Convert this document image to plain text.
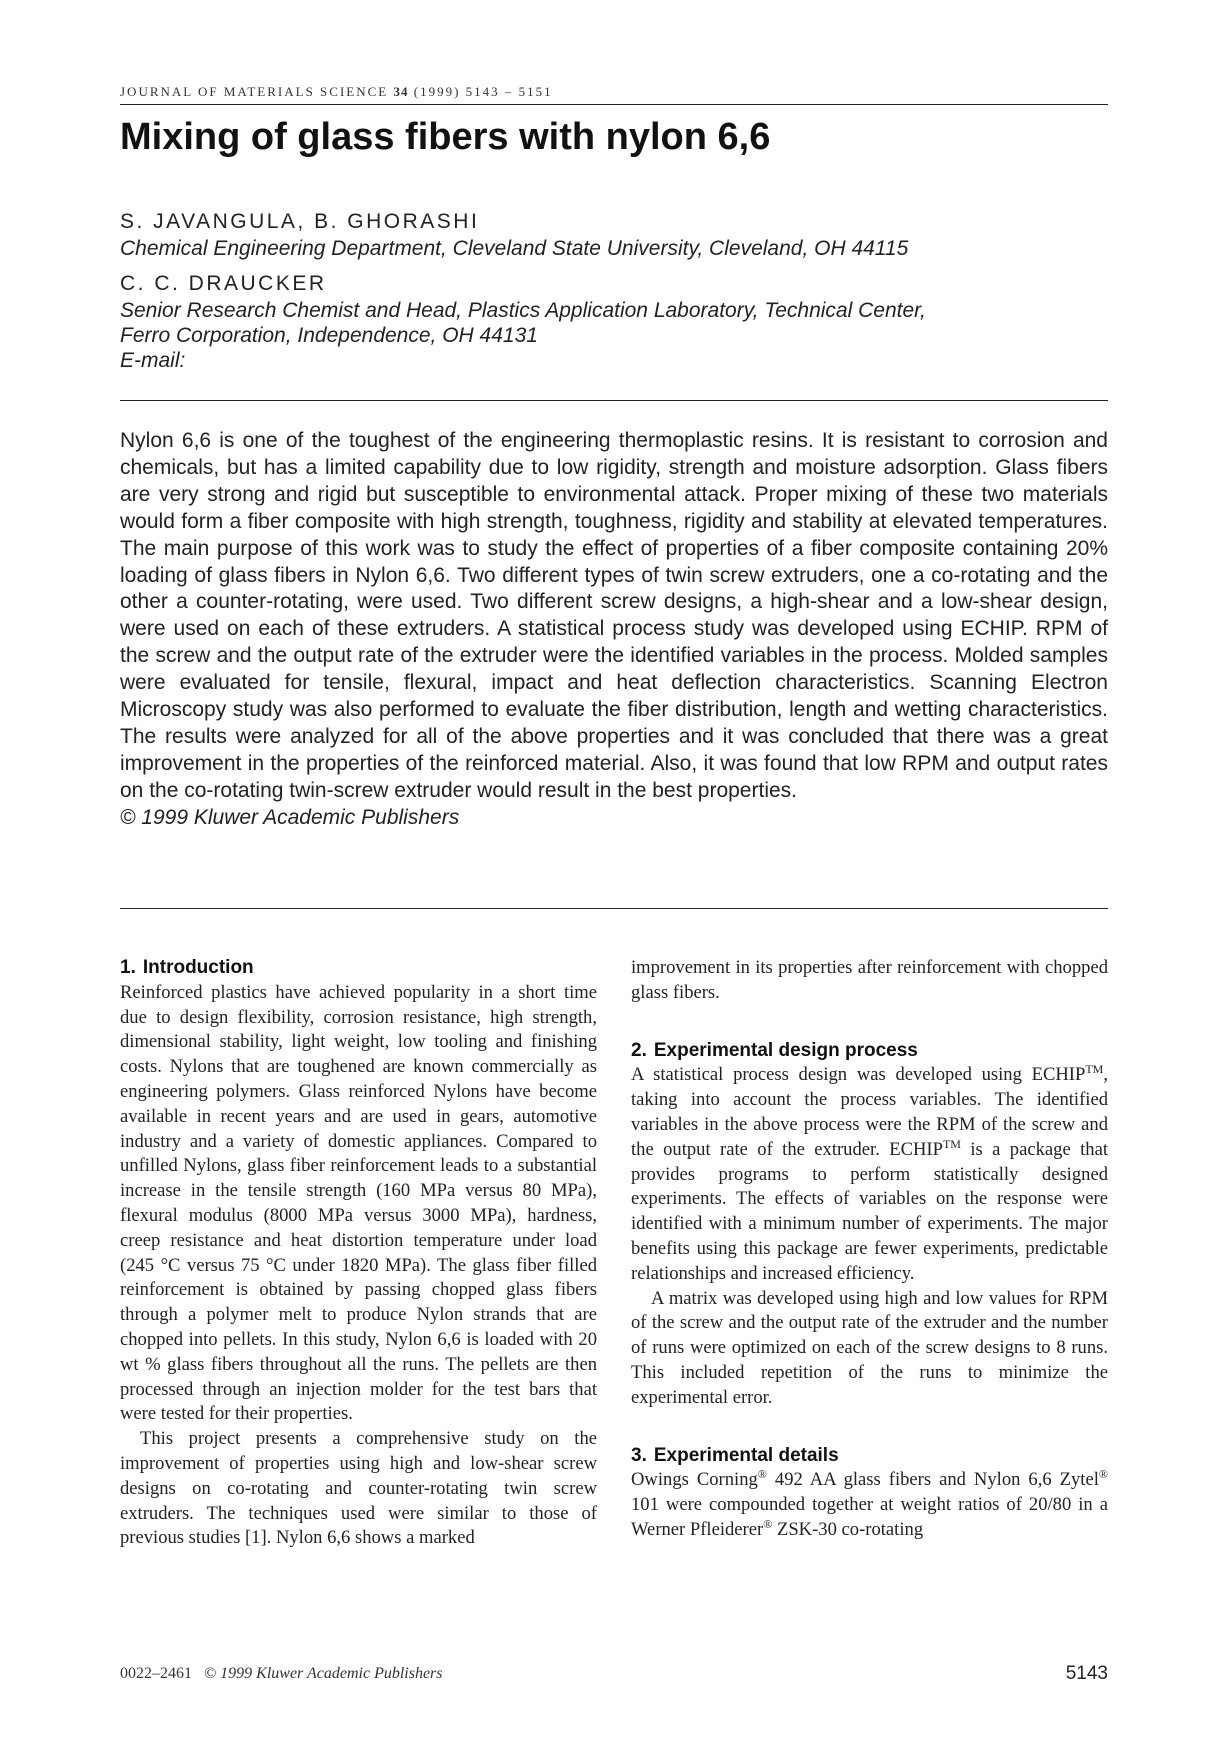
JOURNAL OF MATERIALS SCIENCE 34 (1999) 5143 – 5151
Mixing of glass fibers with nylon 6,6
S. JAVANGULA, B. GHORASHI
Chemical Engineering Department, Cleveland State University, Cleveland, OH 44115
C. C. DRAUCKER
Senior Research Chemist and Head, Plastics Application Laboratory, Technical Center,
Ferro Corporation, Independence, OH 44131
E-mail:

Nylon 6,6 is one of the toughest of the engineering thermoplastic resins. It is resistant to corrosion and chemicals, but has a limited capability due to low rigidity, strength and moisture adsorption. Glass fibers are very strong and rigid but susceptible to environmental attack. Proper mixing of these two materials would form a fiber composite with high strength, toughness, rigidity and stability at elevated temperatures. The main purpose of this work was to study the effect of properties of a fiber composite containing 20% loading of glass fibers in Nylon 6,6. Two different types of twin screw extruders, one a co-rotating and the other a counter-rotating, were used. Two different screw designs, a high-shear and a low-shear design, were used on each of these extruders. A statistical process study was developed using ECHIP. RPM of the screw and the output rate of the extruder were the identified variables in the process. Molded samples were evaluated for tensile, flexural, impact and heat deflection characteristics. Scanning Electron Microscopy study was also performed to evaluate the fiber distribution, length and wetting characteristics. The results were analyzed for all of the above properties and it was concluded that there was a great improvement in the properties of the reinforced material. Also, it was found that low RPM and output rates on the co-rotating twin-screw extruder would result in the best properties.
© 1999 Kluwer Academic Publishers

1. Introduction

Reinforced plastics have achieved popularity in a short time due to design flexibility, corrosion resistance, high strength, dimensional stability, light weight, low tooling and finishing costs. Nylons that are toughened are known commercially as engineering polymers. Glass reinforced Nylons have become available in recent years and are used in gears, automotive industry and a variety of domestic appliances. Compared to unfilled Nylons, glass fiber reinforcement leads to a substantial increase in the tensile strength (160 MPa versus 80 MPa), flexural modulus (8000 MPa versus 3000 MPa), hardness, creep resistance and heat distortion temperature under load (245 °C versus 75 °C under 1820 MPa). The glass fiber filled reinforcement is obtained by passing chopped glass fibers through a polymer melt to produce Nylon strands that are chopped into pellets. In this study, Nylon 6,6 is loaded with 20 wt % glass fibers throughout all the runs. The pellets are then processed through an injection molder for the test bars that were tested for their properties.

This project presents a comprehensive study on the improvement of properties using high and low-shear screw designs on co-rotating and counter-rotating twin screw extruders. The techniques used were similar to those of previous studies [1]. Nylon 6,6 shows a marked

improvement in its properties after reinforcement with chopped glass fibers.

2. Experimental design process

A statistical process design was developed using ECHIP™, taking into account the process variables. The identified variables in the above process were the RPM of the screw and the output rate of the extruder. ECHIP™ is a package that provides programs to perform statistically designed experiments. The effects of variables on the response were identified with a minimum number of experiments. The major benefits using this package are fewer experiments, predictable relationships and increased efficiency.

A matrix was developed using high and low values for RPM of the screw and the output rate of the extruder and the number of runs were optimized on each of the screw designs to 8 runs. This included repetition of the runs to minimize the experimental error.

3. Experimental details

Owings Corning® 492 AA glass fibers and Nylon 6,6 Zytel® 101 were compounded together at weight ratios of 20/80 in a Werner Pfleiderer® ZSK-30 co-rotating

0022–2461 © 1999 Kluwer Academic Publishers	5143
